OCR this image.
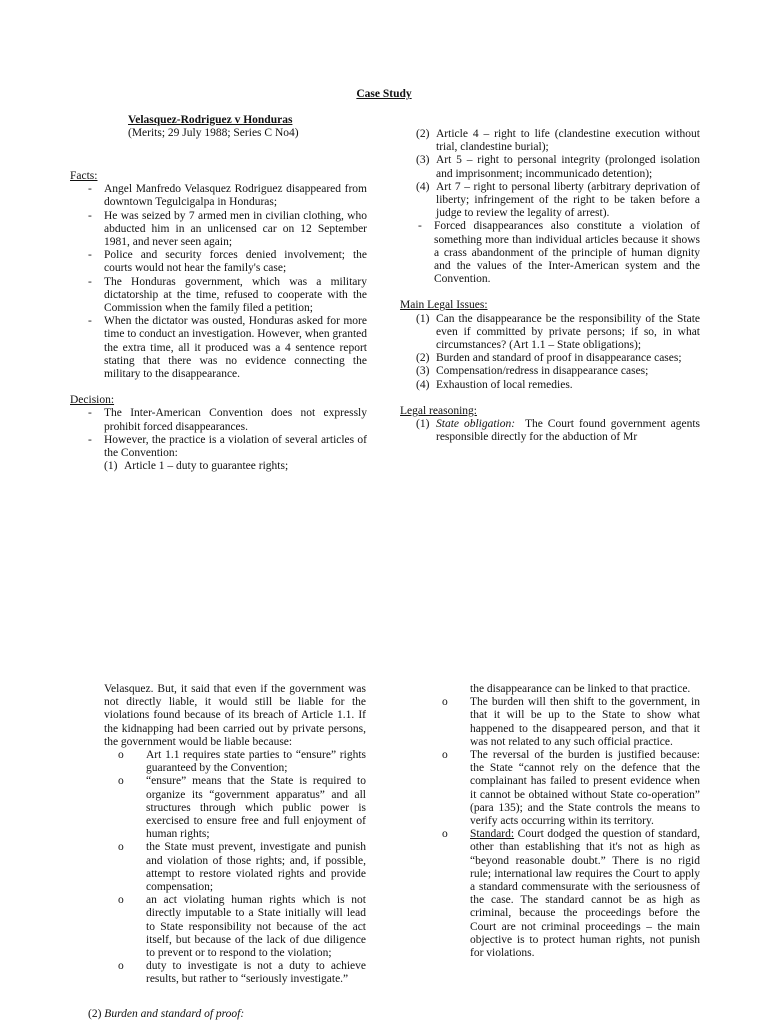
Case Study
Velasquez-Rodriguez v Honduras
(Merits; 29 July 1988; Series C No4)
Facts:
- Angel Manfredo Velasquez Rodriguez disappeared from downtown Tegulcigalpa in Honduras;
- He was seized by 7 armed men in civilian clothing, who abducted him in an unlicensed car on 12 September 1981, and never seen again;
- Police and security forces denied involvement; the courts would not hear the family's case;
- The Honduras government, which was a military dictatorship at the time, refused to cooperate with the Commission when the family filed a petition;
- When the dictator was ousted, Honduras asked for more time to conduct an investigation. However, when granted the extra time, all it produced was a 4 sentence report stating that there was no evidence connecting the military to the disappearance.
Decision:
- The Inter-American Convention does not expressly prohibit forced disappearances.
- However, the practice is a violation of several articles of the Convention:
(1) Article 1 – duty to guarantee rights;
(2) Article 4 – right to life (clandestine execution without trial, clandestine burial);
(3) Art 5 – right to personal integrity (prolonged isolation and imprisonment; incommunicado detention);
(4) Art 7 – right to personal liberty (arbitrary deprivation of liberty; infringement of the right to be taken before a judge to review the legality of arrest).
- Forced disappearances also constitute a violation of something more than individual articles because it shows a crass abandonment of the principle of human dignity and the values of the Inter-American system and the Convention.
Main Legal Issues:
(1) Can the disappearance be the responsibility of the State even if committed by private persons; if so, in what circumstances? (Art 1.1 – State obligations);
(2) Burden and standard of proof in disappearance cases;
(3) Compensation/redress in disappearance cases;
(4) Exhaustion of local remedies.
Legal reasoning:
(1) State obligation: The Court found government agents responsible directly for the abduction of Mr
Velasquez. But, it said that even if the government was not directly liable, it would still be liable for the violations found because of its breach of Article 1.1. If the kidnapping had been carried out by private persons, the government would be liable because:
o Art 1.1 requires state parties to “ensure” rights guaranteed by the Convention;
o “ensure” means that the State is required to organize its “government apparatus” and all structures through which public power is exercised to ensure free and full enjoyment of human rights;
o the State must prevent, investigate and punish and violation of those rights; and, if possible, attempt to restore violated rights and provide compensation;
o an act violating human rights which is not directly imputable to a State initially will lead to State responsibility not because of the act itself, but because of the lack of due diligence to prevent or to respond to the violation;
o duty to investigate is not a duty to achieve results, but rather to “seriously investigate.”
(2) Burden and standard of proof:
the disappearance can be linked to that practice.
o The burden will then shift to the government, in that it will be up to the State to show what happened to the disappeared person, and that it was not related to any such official practice.
o The reversal of the burden is justified because: the State “cannot rely on the defence that the complainant has failed to present evidence when it cannot be obtained without State co-operation” (para 135); and the State controls the means to verify acts occurring within its territory.
o Standard: Court dodged the question of standard, other than establishing that it's not as high as “beyond reasonable doubt.” There is no rigid rule; international law requires the Court to apply a standard commensurate with the seriousness of the case. The standard cannot be as high as criminal, because the proceedings before the Court are not criminal proceedings – the main objective is to protect human rights, not punish for violations.
